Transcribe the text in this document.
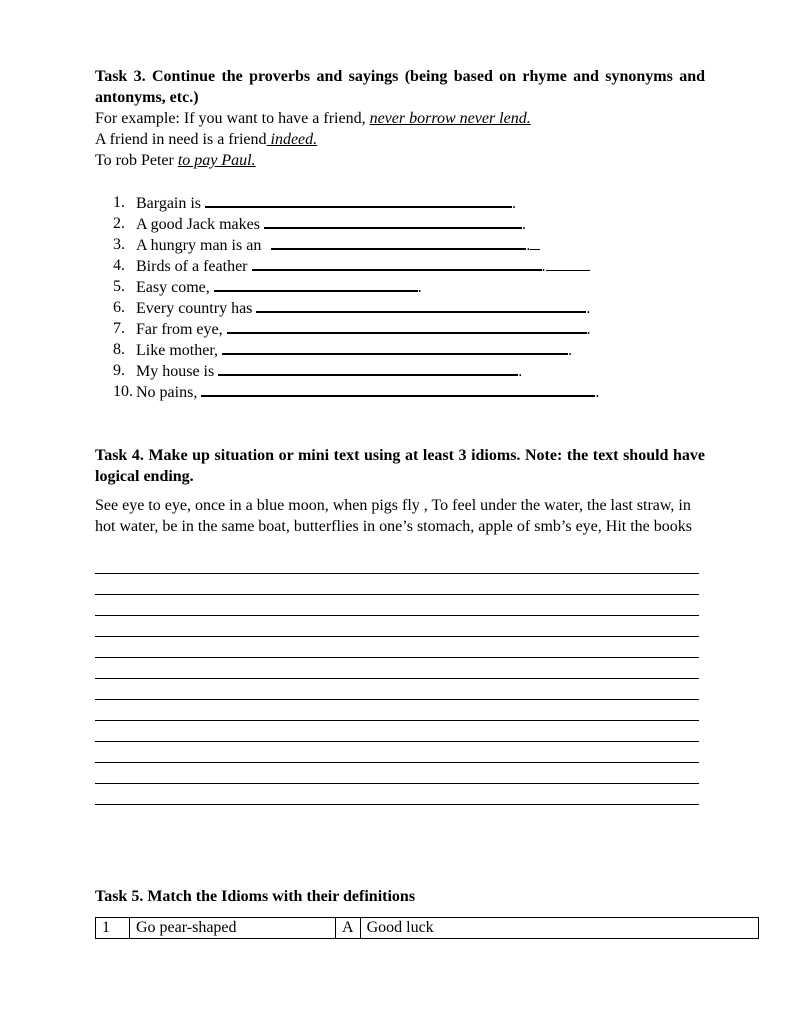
Task 3. Continue the proverbs and sayings (being based on rhyme and synonyms and antonyms, etc.)

For example: If you want to have a friend, never borrow never lend.

A friend in need is a friend indeed.

To rob Peter to pay Paul.

1. Bargain is	.
2. A good Jack makes	.
3. A hungry man is an	.
4. Birds of a feather	.
5. Easy come,	.
6. Every country has	.
7. Far from eye,	.
8. Like mother,	.
9. My house is	.
10. No pains,	.

Task 4. Make up situation or mini text using at least 3 idioms. Note: the text should have logical ending.

See eye to eye, once in a blue moon, when pigs fly , To feel under the water, the last straw, in hot water, be in the same boat, butterflies in one’s stomach, apple of smb’s eye, Hit the books

Task 5. Match the Idioms with their definitions

1	Go pear-shaped	A	Good luck
